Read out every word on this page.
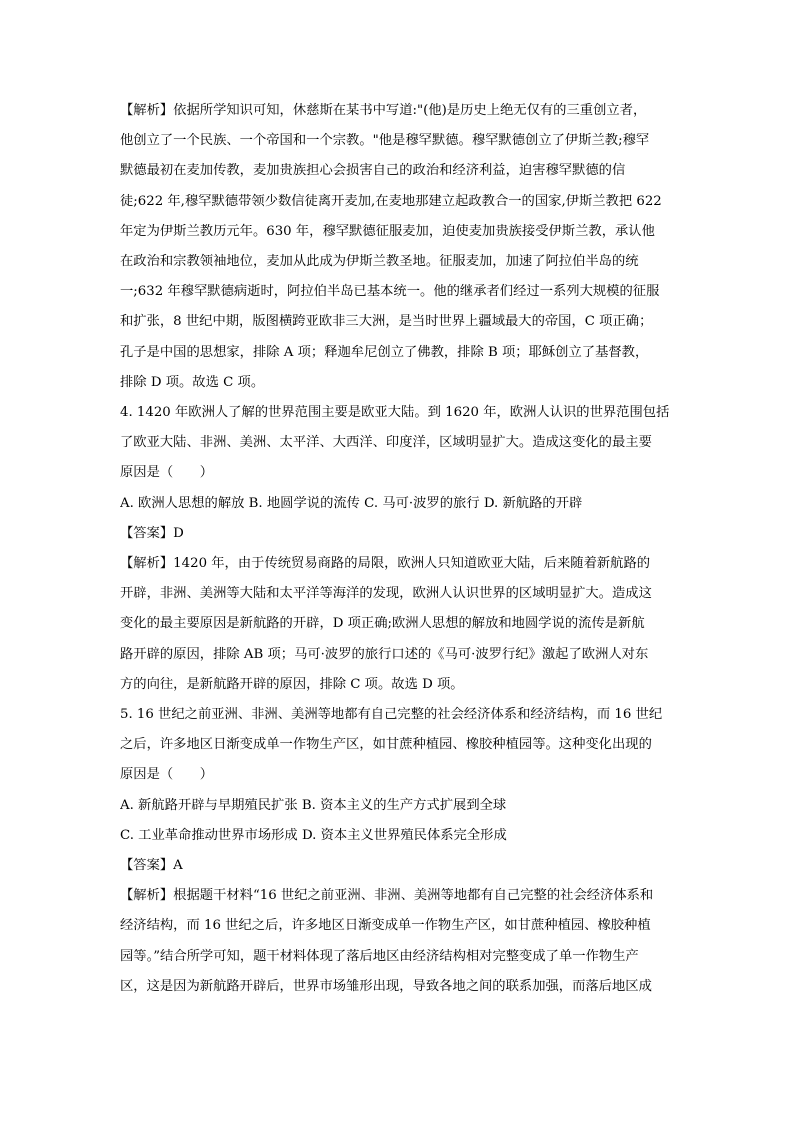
【解析】依据所学知识可知，休慈斯在某书中写道:"(他)是历史上绝无仅有的三重创立者，
他创立了一个民族、一个帝国和一个宗教。"他是穆罕默德。穆罕默德创立了伊斯兰教;穆罕
默德最初在麦加传教，麦加贵族担心会损害自己的政治和经济利益，迫害穆罕默德的信
徒;622 年,穆罕默德带领少数信徒离开麦加,在麦地那建立起政教合一的国家,伊斯兰教把 622
年定为伊斯兰教历元年。630 年，穆罕默德征服麦加，迫使麦加贵族接受伊斯兰教，承认他
在政治和宗教领袖地位，麦加从此成为伊斯兰教圣地。征服麦加，加速了阿拉伯半岛的统
一;632 年穆罕默德病逝时，阿拉伯半岛已基本统一。他的继承者们经过一系列大规模的征服
和扩张，8 世纪中期，版图横跨亚欧非三大洲，是当时世界上疆域最大的帝国，C 项正确；
孔子是中国的思想家，排除 A 项；释迦牟尼创立了佛教，排除 B 项；耶稣创立了基督教，
排除 D 项。故选 C 项。
4. 1420 年欧洲人了解的世界范围主要是欧亚大陆。到 1620 年，欧洲人认识的世界范围包括
了欧亚大陆、非洲、美洲、太平洋、大西洋、印度洋，区域明显扩大。造成这变化的最主要
原因是（　　）
A. 欧洲人思想的解放 B. 地圆学说的流传 C. 马可·波罗的旅行 D. 新航路的开辟
【答案】D
【解析】1420 年，由于传统贸易商路的局限，欧洲人只知道欧亚大陆，后来随着新航路的
开辟，非洲、美洲等大陆和太平洋等海洋的发现，欧洲人认识世界的区域明显扩大。造成这
变化的最主要原因是新航路的开辟，D 项正确;欧洲人思想的解放和地圆学说的流传是新航
路开辟的原因，排除 AB 项；马可·波罗的旅行口述的《马可·波罗行纪》激起了欧洲人对东
方的向往，是新航路开辟的原因，排除 C 项。故选 D 项。
5. 16 世纪之前亚洲、非洲、美洲等地都有自己完整的社会经济体系和经济结构，而 16 世纪
之后，许多地区日渐变成单一作物生产区，如甘蔗种植园、橡胶种植园等。这种变化出现的
原因是（　　）
A. 新航路开辟与早期殖民扩张 B. 资本主义的生产方式扩展到全球
C. 工业革命推动世界市场形成 D. 资本主义世界殖民体系完全形成
【答案】A
【解析】根据题干材料“16 世纪之前亚洲、非洲、美洲等地都有自己完整的社会经济体系和
经济结构，而 16 世纪之后，许多地区日渐变成单一作物生产区，如甘蔗种植园、橡胶种植
园等。”结合所学可知，题干材料体现了落后地区由经济结构相对完整变成了单一作物生产
区，这是因为新航路开辟后，世界市场雏形出现，导致各地之间的联系加强，而落后地区成
